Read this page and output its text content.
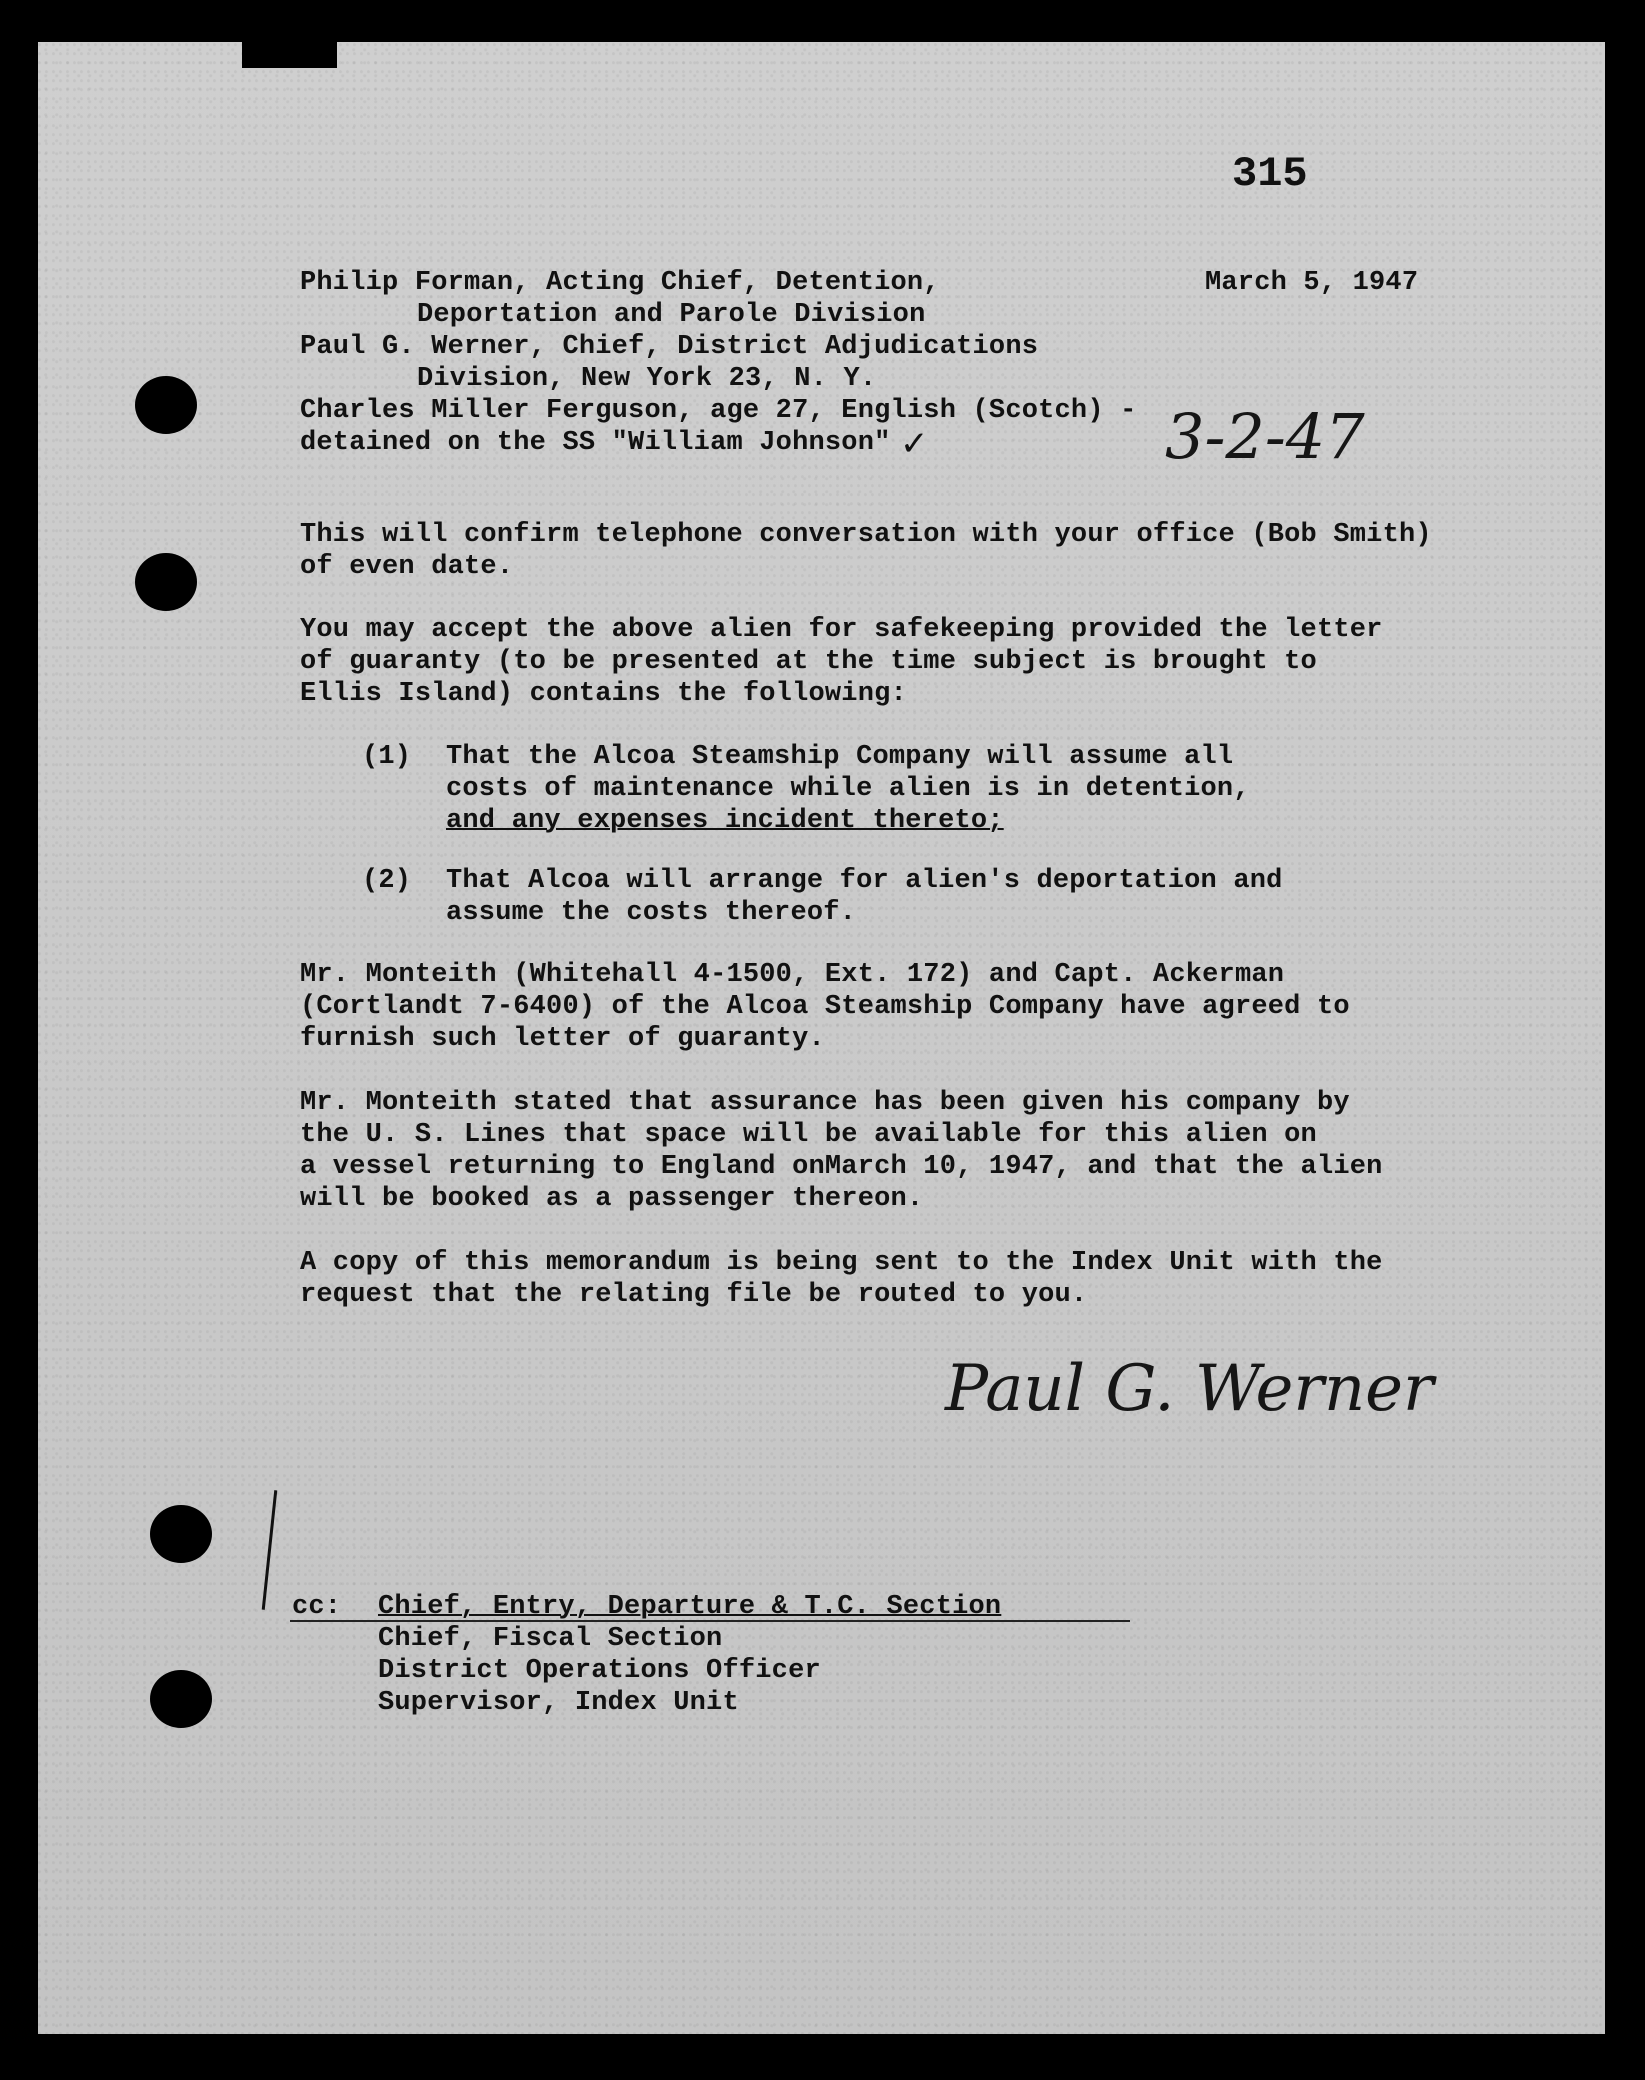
315
Philip Forman, Acting Chief, Detention,	March 5, 1947
Deportation and Parole Division
Paul G. Werner, Chief, District Adjudications
Division, New York 23, N. Y.
Charles Miller Ferguson, age 27, English (Scotch) -
detained on the SS "William Johnson" ✓	3-2-47
This will confirm telephone conversation with your office (Bob Smith)
of even date.
You may accept the above alien for safekeeping provided the letter
of guaranty (to be presented at the time subject is brought to
Ellis Island) contains the following:
(1) That the Alcoa Steamship Company will assume all
costs of maintenance while alien is in detention,
and any expenses incident thereto;
(2) That Alcoa will arrange for alien's deportation and
assume the costs thereof.
Mr. Monteith (Whitehall 4-1500, Ext. 172) and Capt. Ackerman
(Cortlandt 7-6400) of the Alcoa Steamship Company have agreed to
furnish such letter of guaranty.
Mr. Monteith stated that assurance has been given his company by
the U. S. Lines that space will be available for this alien on
a vessel returning to England onMarch 10, 1947, and that the alien
will be booked as a passenger thereon.
A copy of this memorandum is being sent to the Index Unit with the
request that the relating file be routed to you.
Paul G. Werner
cc: Chief, Entry, Departure & T.C. Section
Chief, Fiscal Section
District Operations Officer
Supervisor, Index Unit
